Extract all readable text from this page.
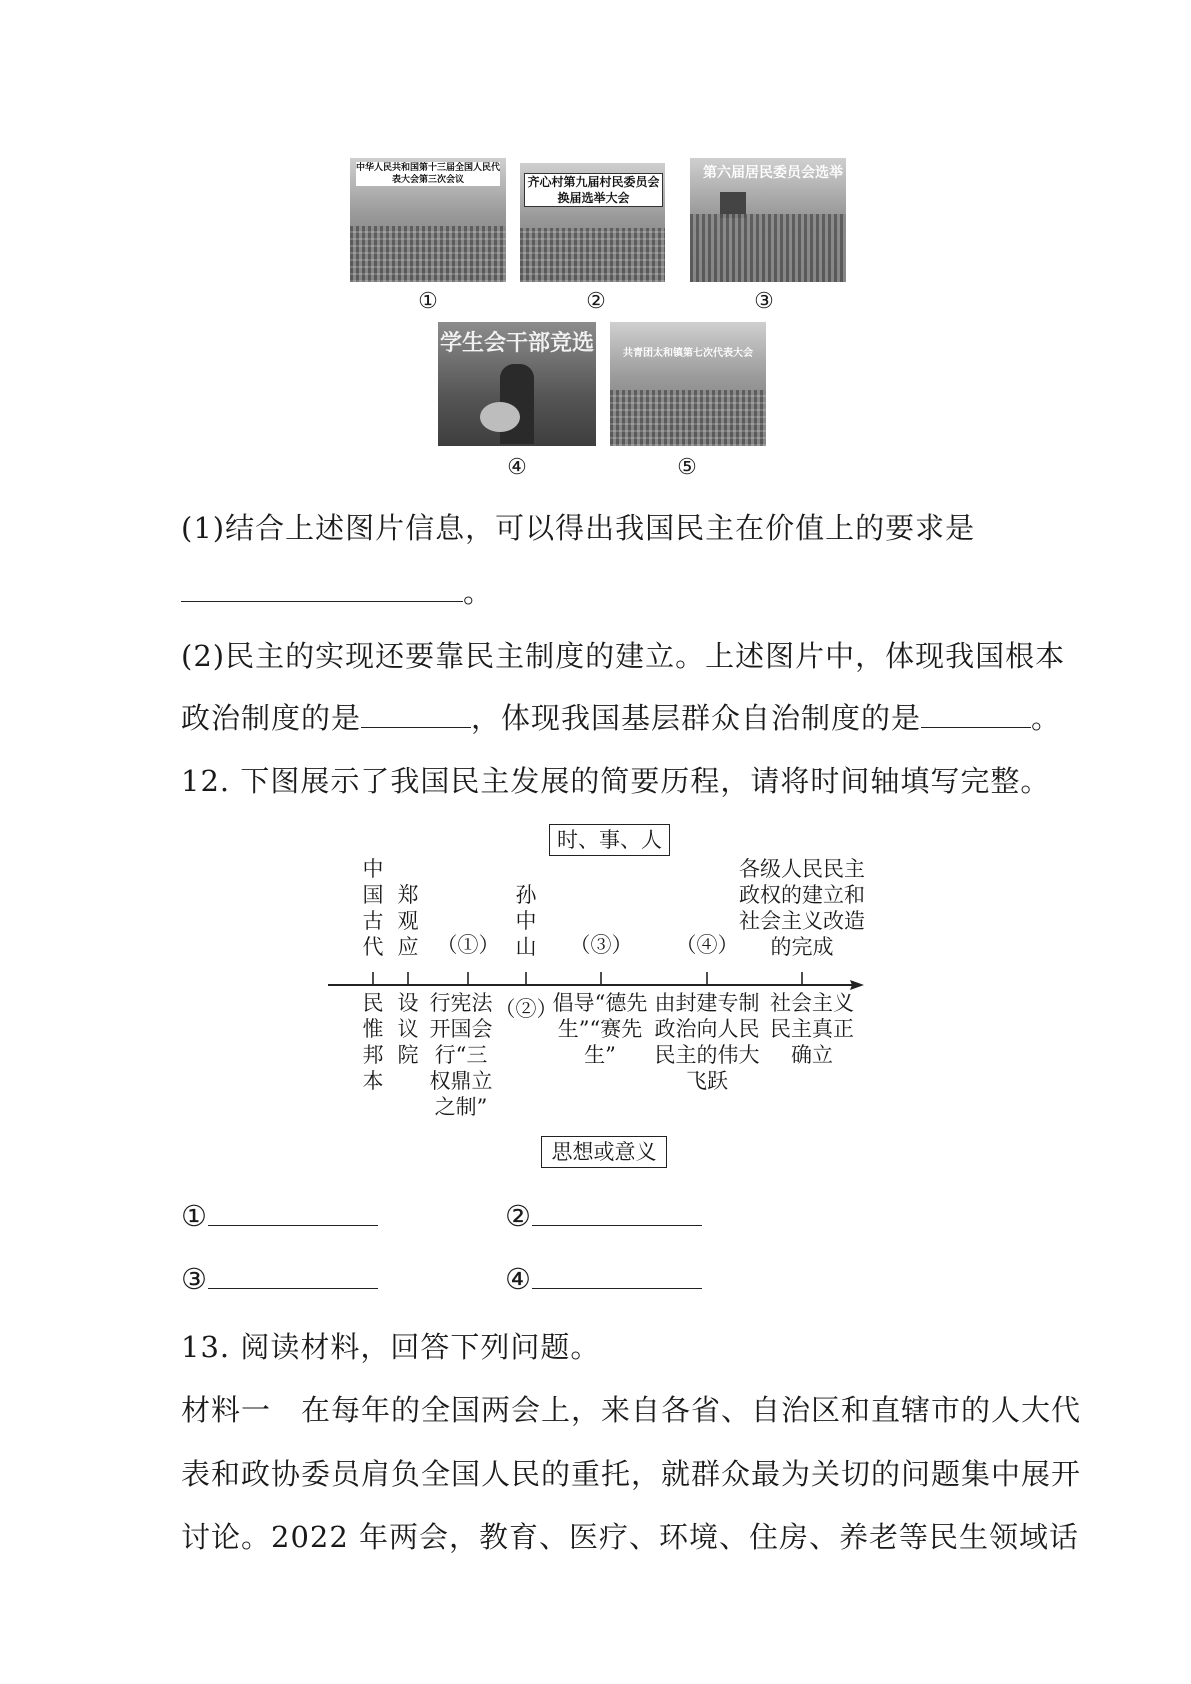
中华人民共和国第十三届全国人民代表大会第三次会议
①
齐心村第九届村民委员会换届选举大会
②
第六届居民委员会选举
③
学生会干部竞选
④
共青团太和镇第七次代表大会
⑤
(1)结合上述图片信息，可以得出我国民主在价值上的要求是
。
(2)民主的实现还要靠民主制度的建立。上述图片中，体现我国根本
政治制度的是	，体现我国基层群众自治制度的是	。
12. 下图展示了我国民主发展的简要历程，请将时间轴填写完整。
时、事、人
中国古代
郑观应 （①）
孙中山 （③） （④）
各级人民民主政权的建立和社会主义改造的完成
民惟邦本
设议院
行宪法开国会行“三权鼎立之制”
（②）
倡导“德先生”“赛先生”
由封建专制政治向人民民主的伟大飞跃
社会主义民主真正确立
思想或意义
①	②
③	④
13. 阅读材料，回答下列问题。
材料一　在每年的全国两会上，来自各省、自治区和直辖市的人大代
表和政协委员肩负全国人民的重托，就群众最为关切的问题集中展开
讨论。2022 年两会，教育、医疗、环境、住房、养老等民生领域话
